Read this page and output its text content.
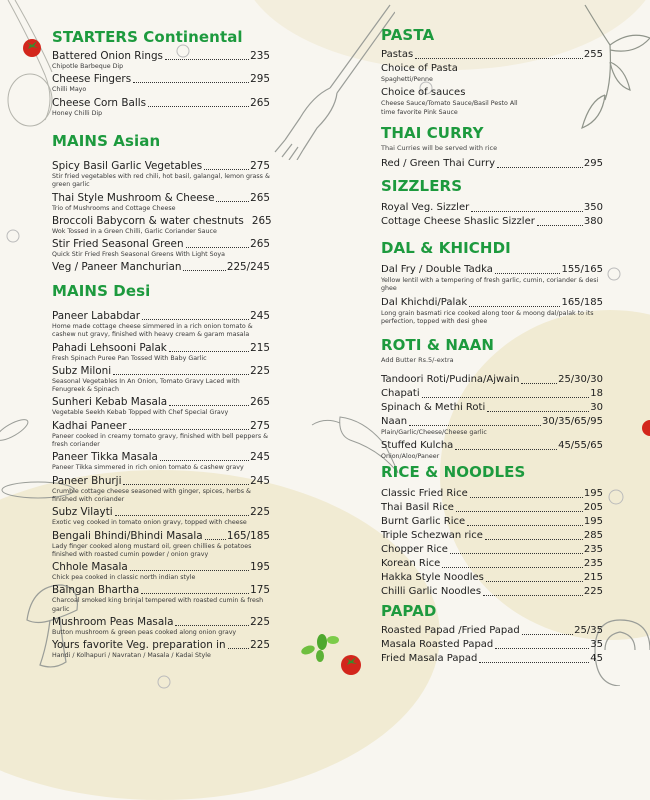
STARTERS Continental
Battered Onion Rings	235
Chipotle Barbeque Dip
Cheese Fingers	295
Chilli Mayo
Cheese Corn Balls	265
Honey Chilli Dip
MAINS Asian
Spicy Basil Garlic Vegetables	275
Stir fried vegetables with red chili, hot basil, galangal, lemon grass & green garlic
Thai Style Mushroom & Cheese	265
Trio of Mushrooms and Cottage Cheese
Broccoli Babycorn & water chestnuts 265
Wok Tossed in a Green Chilli, Garlic Coriander Sauce
Stir Fried Seasonal Green	265
Quick Stir Fried Fresh Seasonal Greens With Light Soya
Veg / Paneer Manchurian	225/245
MAINS Desi
Paneer Lababdar	245
Home made cottage cheese simmered in a rich onion tomato & cashew nut gravy, finished with heavy cream & garam masala
Pahadi Lehsooni Palak	215
Fresh Spinach Puree Pan Tossed With Baby Garlic
Subz Miloni	225
Seasonal Vegetables In An Onion, Tomato Gravy Laced with Fenugreek & Spinach
Sunheri Kebab Masala	265
Vegetable Seekh Kebab Topped with Chef Special Gravy
Kadhai Paneer	275
Paneer cooked in creamy tomato gravy, finished with bell peppers & fresh coriander
Paneer Tikka Masala	245
Paneer Tikka simmered in rich onion tomato & cashew gravy
Paneer Bhurji	245
Crumble cottage cheese seasoned with ginger, spices, herbs & finished with coriander
Subz Vilayti	225
Exotic veg cooked in tomato onion gravy, topped with cheese
Bengali Bhindi/Bhindi Masala 165/185
Lady finger cooked along mustard oil, green chillies & potatoes finished with roasted cumin powder / onion gravy
Chhole Masala	195
Chick pea cooked in classic north indian style
Baingan Bhartha	175
Charcoal smoked king brinjal tempered with roasted cumin & fresh garlic
Mushroom Peas Masala	225
Button mushroom & green peas cooked along onion gravy
Yours favorite Veg. preparation in 225
Handi / Kolhapuri / Navratan / Masala / Kadai Style
PASTA
Pastas	255
Choice of Pasta
Spaghetti/Penne
Choice of sauces
Cheese Sauce/Tomato Sauce/Basil Pesto All time favorite Pink Sauce
THAI CURRY
Thai Curries will be served with rice
Red / Green Thai Curry	295
SIZZLERS
Royal Veg. Sizzler	350
Cottage Cheese Shaslic Sizzler	380
DAL & KHICHDI
Dal Fry / Double Tadka	155/165
Yellow lentil with a tempering of fresh garlic, cumin, coriander & desi ghee
Dal Khichdi/Palak	165/185
Long grain basmati rice cooked along toor & moong dal/palak to its perfection, topped with desi ghee
ROTI & NAAN
Add Butter Rs.5/-extra
Tandoori Roti/Pudina/Ajwain	25/30/30
Chapati	18
Spinach & Methi Roti	30
Naan	30/35/65/95
Plain/Garlic/Cheese/Cheese garlic
Stuffed Kulcha	45/55/65
Onion/Aloo/Paneer
RICE & NOODLES
Classic Fried Rice	195
Thai Basil Rice	205
Burnt Garlic Rice	195
Triple Schezwan rice	285
Chopper Rice	235
Korean Rice	235
Hakka Style Noodles	215
Chilli Garlic Noodles	225
PAPAD
Roasted Papad /Fried Papad	25/35
Masala Roasted Papad	35
Fried Masala Papad	45
